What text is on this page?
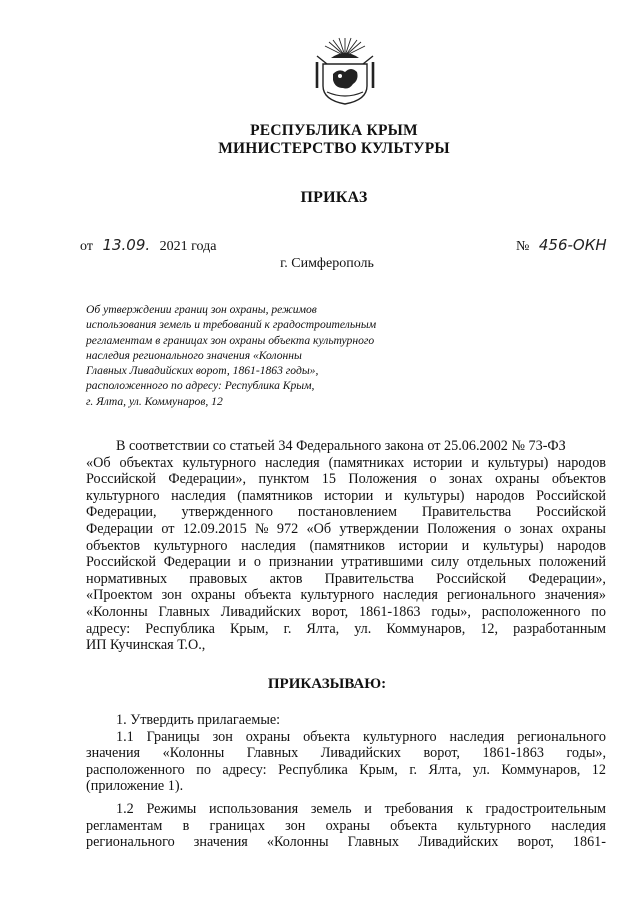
РЕСПУБЛИКА КРЫМ
МИНИСТЕРСТВО КУЛЬТУРЫ
ПРИКАЗ
от 13.09. 2021 года	№ 456-ОКН
г. Симферополь
Об утверждении границ зон охраны, режимов
использования земель и требований к градостроительным
регламентам в границах зон охраны объекта культурного
наследия регионального значения «Колонны
Главных Ливадийских ворот, 1861-1863 годы»,
расположенного по адресу: Республика Крым,
г. Ялта, ул. Коммунаров, 12
В соответствии со статьей 34 Федерального закона от 25.06.2002 № 73-ФЗ
«Об объектах культурного наследия (памятниках истории и культуры) народов
Российской Федерации», пунктом 15 Положения о зонах охраны объектов
культурного наследия (памятников истории и культуры) народов Российской
Федерации, утвержденного постановлением Правительства Российской
Федерации от 12.09.2015 № 972 «Об утверждении Положения о зонах охраны
объектов культурного наследия (памятников истории и культуры) народов
Российской Федерации и о признании утратившими силу отдельных положений
нормативных правовых актов Правительства Российской Федерации»,
«Проектом зон охраны объекта культурного наследия регионального значения»
«Колонны Главных Ливадийских ворот, 1861-1863 годы», расположенного по
адресу: Республика Крым, г. Ялта, ул. Коммунаров, 12, разработанным
ИП Кучинская Т.О.,
ПРИКАЗЫВАЮ:
1. Утвердить прилагаемые:
1.1 Границы зон охраны объекта культурного наследия регионального
значения «Колонны Главных Ливадийских ворот, 1861-1863 годы»,
расположенного по адресу: Республика Крым, г. Ялта, ул. Коммунаров, 12
(приложение 1).
1.2 Режимы использования земель и требования к градостроительным
регламентам в границах зон охраны объекта культурного наследия
регионального значения «Колонны Главных Ливадийских ворот, 1861-
